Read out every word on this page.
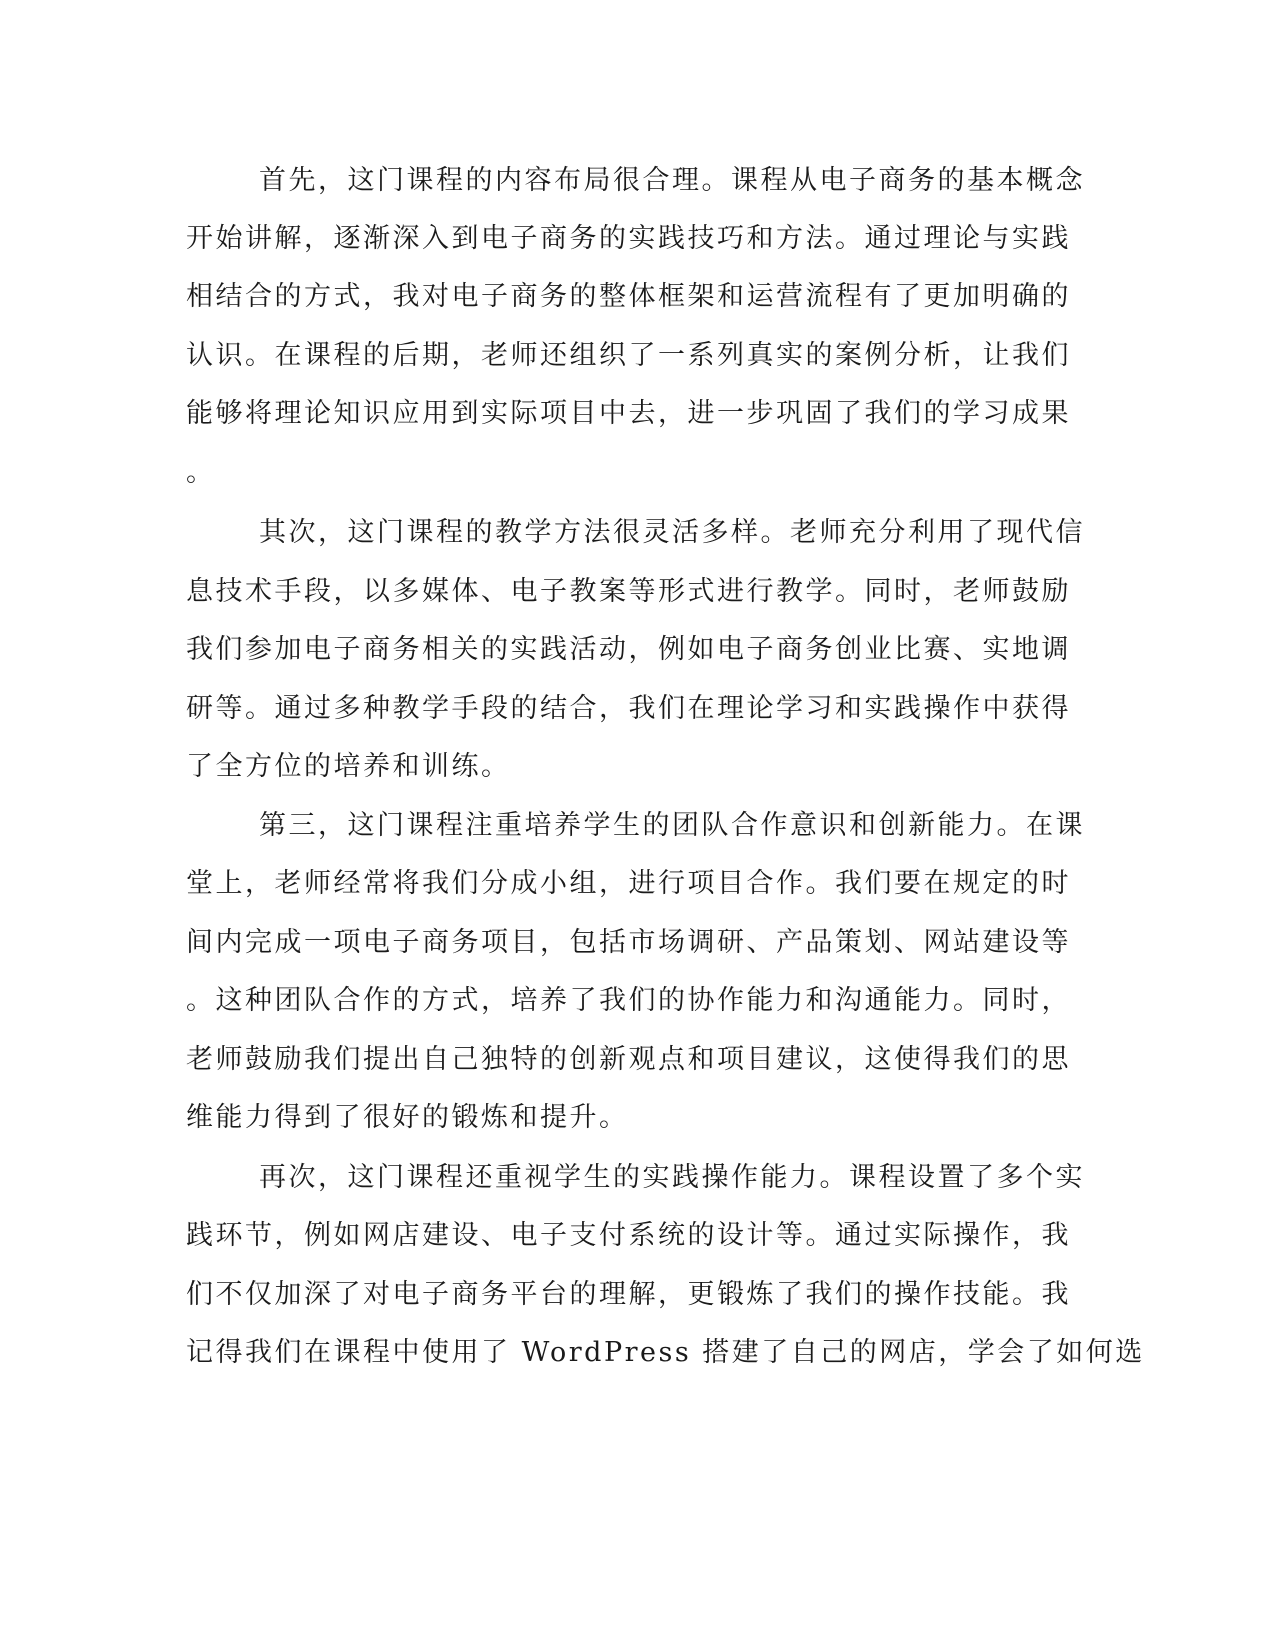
首先，这门课程的内容布局很合理。课程从电子商务的基本概念
开始讲解，逐渐深入到电子商务的实践技巧和方法。通过理论与实践
相结合的方式，我对电子商务的整体框架和运营流程有了更加明确的
认识。在课程的后期，老师还组织了一系列真实的案例分析，让我们
能够将理论知识应用到实际项目中去，进一步巩固了我们的学习成果
。
其次，这门课程的教学方法很灵活多样。老师充分利用了现代信
息技术手段，以多媒体、电子教案等形式进行教学。同时，老师鼓励
我们参加电子商务相关的实践活动，例如电子商务创业比赛、实地调
研等。通过多种教学手段的结合，我们在理论学习和实践操作中获得
了全方位的培养和训练。
第三，这门课程注重培养学生的团队合作意识和创新能力。在课
堂上，老师经常将我们分成小组，进行项目合作。我们要在规定的时
间内完成一项电子商务项目，包括市场调研、产品策划、网站建设等
。这种团队合作的方式，培养了我们的协作能力和沟通能力。同时，
老师鼓励我们提出自己独特的创新观点和项目建议，这使得我们的思
维能力得到了很好的锻炼和提升。
再次，这门课程还重视学生的实践操作能力。课程设置了多个实
践环节，例如网店建设、电子支付系统的设计等。通过实际操作，我
们不仅加深了对电子商务平台的理解，更锻炼了我们的操作技能。我
记得我们在课程中使用了 WordPress 搭建了自己的网店，学会了如何选
